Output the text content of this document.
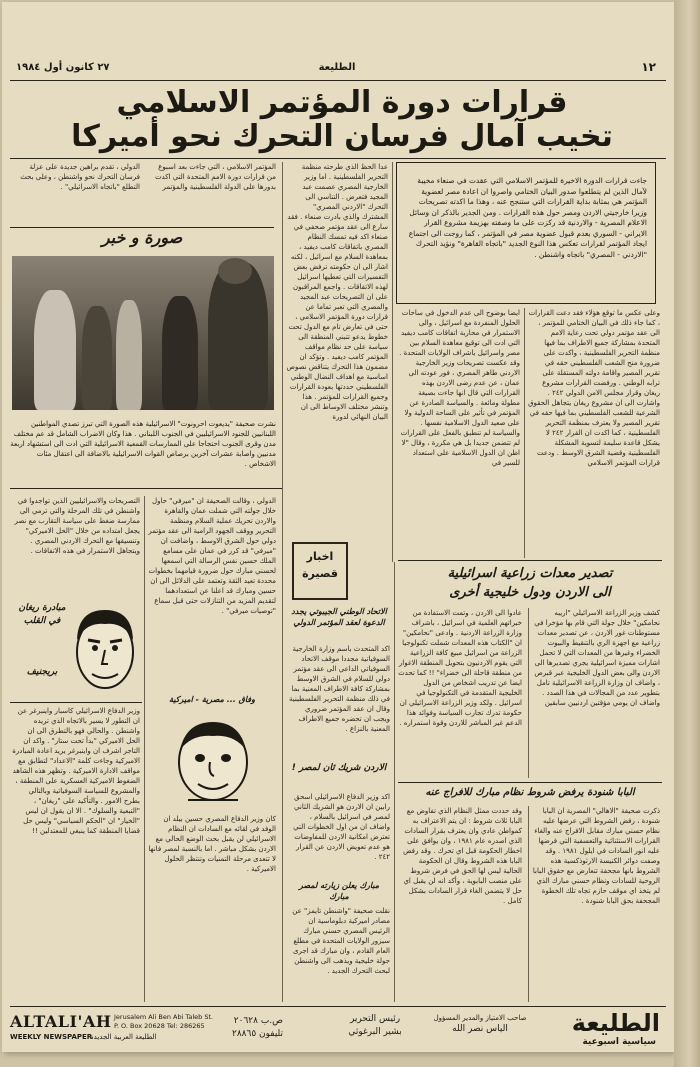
٢٧ كانون أول ١٩٨٤	الطليعة	١٢
قرارات دورة المؤتمر الاسلامي
تخيب آمال فرسان التحرك نحو أميركا

جاءت قرارات الدورة الاخيرة للمؤتمر الاسلامي التي عقدت في صنعاء مخيبة لآمال الذين لم يتطلعوا صدور البيان الختامي واصروا ان اعادة مصر لعضوية المؤتمر هي بمثابة بداية القرارات التي ستنجح عنه ، وهذا ما اكدته تصريحات وزيرا خارجيتي الاردن ومصر حول هذه القرارات . ومن الجدير بالذكر ان وسائل الاعلام المصرية - والاردنية قد ركزت على ما وصفته بهزيمة مشروع القرار الايراني - السوري بعدم قبول عضوية مصر في المؤتمر ، كما روجت الى اجتماع ايجاد المؤتمر لقرارات تعكس هذا النوع الجديد "باتجاه القاهرة" ونؤيد التحرك "الاردني - المصري" باتجاه واشنطن .

عدا الحظ الذي طرحته منظمة التحرير الفلسطينية . اما وزير الخارجية المصري عصمت عبد المجيد فتعرض . التناسي الى التحرك "الاردني المصري" المشترك والذي بادرت صنعاء . فقد سارع الى عقد مؤتمر صحفي في صنعاء اكد فيه تمسك النظام المصري باتفاقات كامب ديفيد ، بمعاهدة السلام مع اسرائيل ، لكنه اشار الى ان حكومته ترفض بعض التفسيرات التي تعطيها اسرائيل لهذه الاتفاقات . واجمع المراقبون على ان التصريحات عبد المجيد والمصري التي تعبر تماما عن قرارات دورة المؤتمر الاسلامي ، حتى في تعارض تام مع الدول تحت خطوط يدعو تتبني المنطقة الى سياسة على حد نظام مواقف المؤتمر كامب ديفيد . وتؤكد ان مضمون هذا التحرك يتناقض نصوص اساسية مع اهداف النضال الوطني الفلسطيني حددتها بعودة القرارات وجميع القرارات للمؤتمر . هذا وتنشر مختلف الاوساط الى ان البيان النهائي لدورة

المؤتمر الاسلامي ، التي جاءت بعد اسبوع من قرارات دورة الامم المتحدة التي اكدت بدورها على الدولة الفلسطينية والمؤتمر الدولي ، تقدم براهين جديدة على عزلة فرسان التحرك نحو واشنطن ، وعلى بحث التطلع "باتجاه الاسرائيلي" .

صورة و خبر

نشرت صحيفة "يديعوت احرونوت" الاسرائيلية هذه الصورة التي تبرز تصدي المواطنين اللبنانيين للجنود الاسرائيليين في الجنوب اللبناني . هذا وكان الاضراب الشامل قد عم مختلف مدن وقرى الجنوب احتجاجا على الممارسات القمعية الاسرائيلية التي ادت الى استشهاد اربعة مدنيين واصابة عشرات آخرين برصاص القوات الاسرائيلية بالاضافة الى اعتقال مئات الاشخاص .

وعلى عكس ما توقع هؤلاء فقد دعت القرارات ، كما جاء ذلك في البيان الختامي للمؤتمر ، الى عقد مؤتمر دولي تحت رعاية الامم المتحدة بمشاركة جميع الاطراف بما فيها منظمة التحرير الفلسطينية ، واكدت على ضرورة منح الشعب الفلسطيني حقه في تقرير المصير واقامة دولته المستقلة على ترابه الوطني . ورفضت القرارات مشروع ريغان وقرار مجلس الامن الدولي ٢٤٢ . واشارت الى ان مشروع ريغان يتجاهل الحقوق الشرعية للشعب الفلسطيني بما فيها حقه في تقرير المصير ولا يعترف بمنظمة التحرير الفلسطينية ، كما اكدت ان القرار ٢٤٢ لا يشكل قاعدة سليمة لتسوية المشكلة الفلسطينية وقضية الشرق الاوسط . ودعت قرارات المؤتمر الاسلامي

ايضا بوضوح الى عدم الدخول في ساحات الحلول المنفردة مع اسرائيل ، والى الاستمرار في محاربة اتفاقات كامب ديفيد التي ادت الى توقيع معاهدة السلام بين مصر واسرائيل باشراف الولايات المتحدة . وقد عكست تصريحات وزير الخارجية الاردني طاهر المصري ، فور عودته الى عمان ، عن عدم رضى الاردن بهذه القرارات التي قال انها جاءت بصيغة مطولة ومائعة . والسياسة الصادرة عن المؤتمر في تأثير على الساحة الدولية ولا على صعيد الدول الاسلامية نفسها . والسياسة لم تنطبق بالفعل على القرارات لم تتضمن جديدا بل هي مكررة ، وقال "لا اظن ان الدول الاسلامية على استعداد للسير في

تصدير معدات زراعية اسرائيلية
الى الاردن ودول خليجية أخرى

كشف وزير الزراعة الاسرائيلي "اريبه نحامكين" خلال جولة التي قام بها مؤخرا في مستوطنات غور الاردن ، عن تصدير معدات زراعية مع اجهزة الري بالتنقيط والبيوت الخضراء وغيرها من المعدات التي لا تحمل اشارات مميزة اسرائيلية يجري تصديرها الى الاردن والى بعض الدول الخليجية عبر قبرص ، واضاف ان وزارة الزراعة الاسرائيلية تامل بتطوير عدد من المجالات في هذا الصدد . واضاف ان يومي مؤقتين اردنيين سابقين

عادوا الى الاردن ، وتمت الاستفادة من خبراتهم العلمية في اسرائيل ، باشراف وزارة الزراعة الاردنية . وادعى "نحامكين" ان "الكتاب هذه المعدات شملت تكنولوجيا الزراعة من اسرائيل مبيع كافة الزراعية التي يقوم الاردنيون بتحويل المنطقة الاغوار من منطقة قاحلة الى خضراء" !! كما تحدث ايضا عن تدريب اشخاص من الدول الخليجية المتقدمة في التكنولوجيا في اسرائيل . ولكد وزير الزراعة الاسرائيلي ان حكومة تدرك تجارب السياسة وفوائد هذا الدعم غير المباشر للاردن وقوة استمراره .

البابا شنودة يرفض شروط نظام مبارك للافراج عنه

ذكرت صحيفة "الاهالي" المصرية ان البابا شنودة ، رفض الشروط التي عرضها عليه نظام حسني مبارك مقابل الافراج عنه والغاء القرارات الاستثنائية والتعسفية التي فرضها عليه انور السادات في ايلول ١٩٨١ . وقد وصفت دوائر الكنيسة الارثوذكسية هذه الشروط بانها مجحفة تتعارض مع حقوق البابا الروحية للسادات ونظام حسني مبارك الذي لم يتخذ اي موقف حازم تجاه تلك الخطوة المجحفة بحق البابا شنودة .

وقد حددت ممثل النظام الذي تفاوض مع البابا ثلاث شروط : ان يتم الاعتراف به كمواطن عادي وان يعترف بقرار السادات الذي اصدره عام ١٩٨١ ، وان يوافق على اخطار الحكومة قبل اي تحرك . وقد رفض البابا هذه الشروط وقال ان الحكومة الحالية ليس لها الحق في فرض شروط على منصب البابوية ، وأكد انه لن يقبل اي حل لا يتضمن الغاء قرار السادات بشكل كامل .

اخبار
قصيرة
الاتحاد الوطني الجيبوتي يجدد الدعوة لعقد المؤتمر الدولي

اكد المتحدث باسم وزارة الخارجية السوفياتية مجددا موقف الاتحاد السوفياتي الداعي الى عقد مؤتمر دولي للسلام في الشرق الاوسط بمشاركة كافة الاطراف المعنية بما في ذلك منظمة التحرير الفلسطينية وقال ان عقد المؤتمر ضروري ويجب ان تحضره جميع الاطراف المعنية بالنزاع .

الاردن شريك ثان لمصر !

اكد وزير الدفاع الاسرائيلي اسحق رابين ان الاردن هو الشريك الثاني لمصر في اسرائيل بالسلام ، واضاف ان من اول الخطوات التي تعترض امكانية الاردن للمفاوضات هو عدم تعويض الاردن عن القرار ٢٤٢ .

مبارك يعلن زيارته لمصر مبارك

نقلت صحيفة "واشنطن تايمز" عن مصادر اميركية دبلوماسية ان الرئيس المصري حسني مبارك سيزور الولايات المتحدة في مطلع العام القادم ، وان مبارك قد اجرى جولة خليجية ويذهب الى واشنطن لبحث التحرك الجديد .

الدولي ، وقالت الصحيفة ان "ميرفي" حاول خلال جولته التي شملت عمان والقاهرة والاردن تحريك عملية السلام ومنظمة التحرير ووقف الجهود الرامية الى عقد مؤتمر دولي حول الشرق الاوسط ، واضافت ان "ميرفي" قد كرر في عمان على مسامع الملك حسين نفس الرسالة التي اسمعها لحسني مبارك حول ضرورة قيامهما بخطوات محددة تعيد الثقة وتعتمد على الدلائل الى ان حسين ومبارك قد اعلنا عن استعدادهما لتقديم المزيد من التنازلات حتى قبل سماع "توصيات ميرفي" .

وفاق ... مصرية - اميركية

كان وزير الدفاع المصري حسين بيلد ان الوفد في لقائه مع السادات ان النظام الاسرائيلي لن يقبل بحث الوضع الحالي مع الاردن بشكل مباشر . اما بالنسبة لمصر فانها لا تتعدى مرحلة التمنيات وتنتظر الحلول الاميركية .

التصريحات والاسرائيليين الذين تواجدوا في واشنطن في تلك المرحلة والتي ترمي الى ممارسة ضغط على سياسة التقارب مع نصر يجعل امتداده من خلال "الحل الاميركي" وتنسيقها مع التحرك الاردني المصري . ويتجاهل الاستمرار في هذه الاتفاقات .

مبادرة ريغان في القلب
بريجنيف

وزير الدفاع الاسرائيلي كاسبار واينبرغر عن ان التطور لا يسير بالاتجاه الذي تريده واشنطن . والحالي فهو بالتطرق الى ان الحل الاميركي "بدأ تحت ستار" . واكد ان التاجر اشرف ان واينبرغر يريد اعادة المبادرة الاميركية وجاءت كلمة "الاعداد" لتطابق مع مواقف الادارة الاميركية . وتظهر هذه الشاهد الضغوط الاميركية العسكرية على المنطقة ، والمشروع للسياسة السوفياتية وبالتالي بطرح الامور . والتأكيد على "ريغان" ، "التبعية والسلوك" . الا ان يقول ان ليس "الخيار" ان "الحكم السياسي" وليس حل قضايا المنطقة كما ينبغي للمعتدلين !!

ALTALI'AH
WEEKLY NEWSPAPER
Jerusalem Ali Ben Abi Taleb St. P. O. Box 20628 Tel: 286265
الطليعة العربية الجديدة
ص.ب ٢٠٦٢٨
تليفون ٢٨٨٦٥
رئيس التحرير
بشير البرغوثي
صاحب الامتياز والمدير المسؤول
الياس نصر الله	الطليعة
سياسية اسبوعية
